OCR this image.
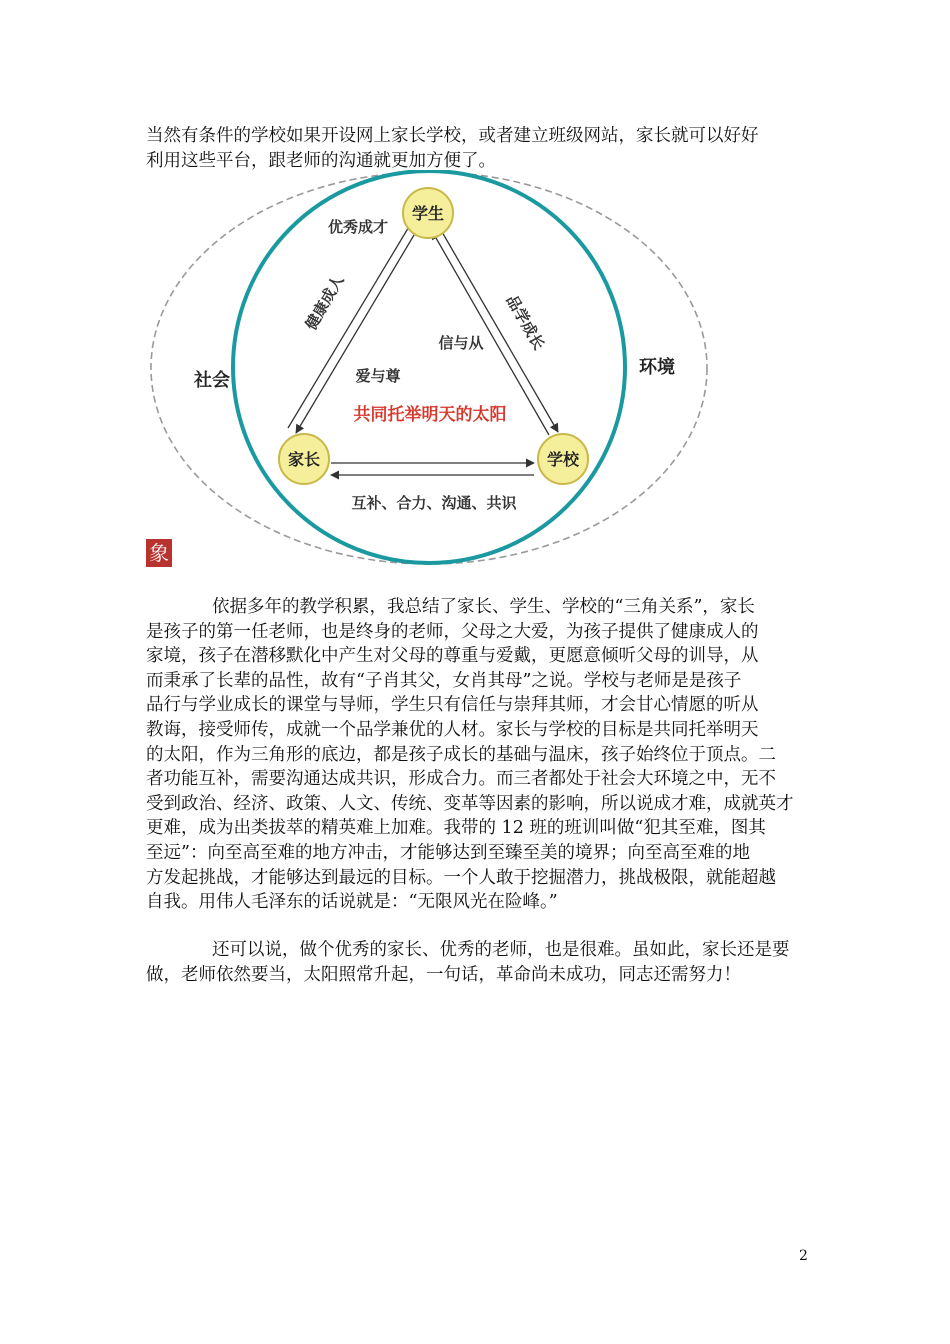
当然有条件的学校如果开设网上家长学校，或者建立班级网站，家长就可以好好
利用这些平台，跟老师的沟通就更加方便了。
学生
家长	学校
优秀成才
健康成人	品学成长
信与从
爱与尊
共同托举明天的太阳
互补、合力、沟通、共识
社会
环境
象
依据多年的教学积累，我总结了家长、学生、学校的“三角关系”，家长
是孩子的第一任老师，也是终身的老师，父母之大爱，为孩子提供了健康成人的
家境，孩子在潜移默化中产生对父母的尊重与爱戴，更愿意倾听父母的训导，从
而秉承了长辈的品性，故有“子肖其父，女肖其母”之说。学校与老师是是孩子
品行与学业成长的课堂与导师，学生只有信任与崇拜其师，才会甘心情愿的听从
教诲，接受师传，成就一个品学兼优的人材。家长与学校的目标是共同托举明天
的太阳，作为三角形的底边，都是孩子成长的基础与温床，孩子始终位于顶点。二
者功能互补，需要沟通达成共识，形成合力。而三者都处于社会大环境之中，无不
受到政治、经济、政策、人文、传统、变革等因素的影响，所以说成才难，成就英才
更难，成为出类拔萃的精英难上加难。我带的 12 班的班训叫做“犯其至难，图其
至远”：向至高至难的地方冲击，才能够达到至臻至美的境界；向至高至难的地
方发起挑战，才能够达到最远的目标。一个人敢于挖掘潜力，挑战极限，就能超越
自我。用伟人毛泽东的话说就是：“无限风光在险峰。”
还可以说，做个优秀的家长、优秀的老师，也是很难。虽如此，家长还是要
做，老师依然要当，太阳照常升起，一句话，革命尚未成功，同志还需努力！
2
